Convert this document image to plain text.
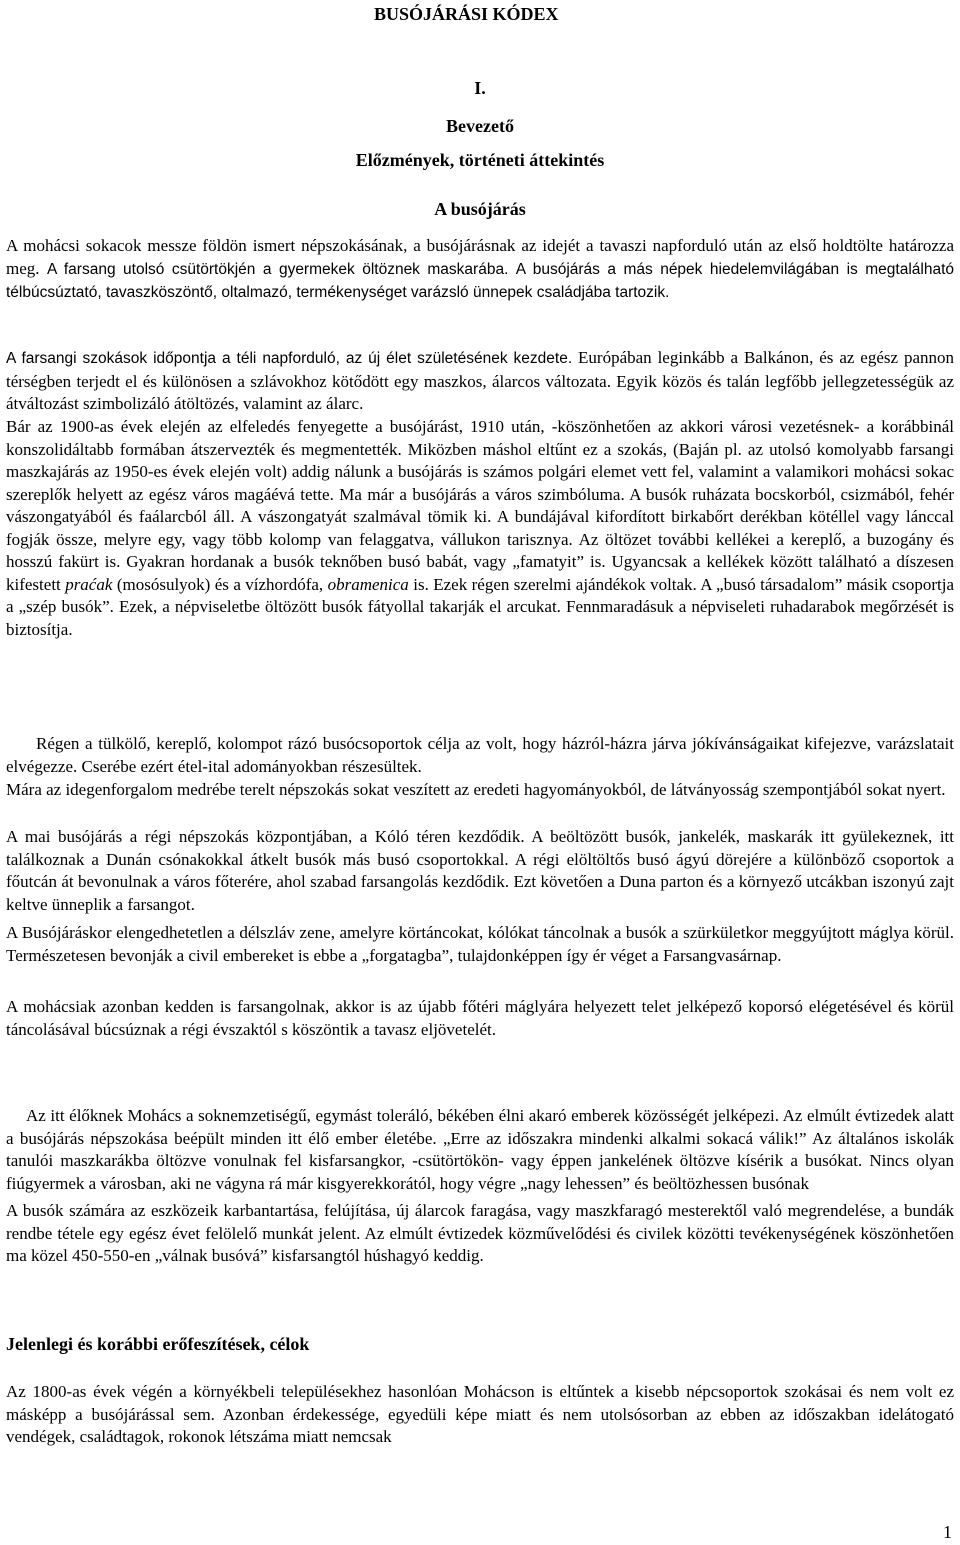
BUSÓJÁRÁSI KÓDEX
I.
Bevezető
Előzmények, történeti áttekintés
A busójárás
A mohácsi sokacok messze földön ismert népszokásának, a busójárásnak az idejét a tavaszi napforduló után az első holdtölte határozza meg. A farsang utolsó csütörtökjén a gyermekek öltöznek maskarába. A busójárás a más népek hiedelemvilágában is megtalálható télbúcsúztató, tavaszköszöntő, oltalmazó, termékenységet varázsló ünnepek családjába tartozik.
A farsangi szokások időpontja a téli napforduló, az új élet születésének kezdete. Európában leginkább a Balkánon, és az egész pannon térségben terjedt el és különösen a szlávokhoz kötődött egy maszkos, álarcos változata. Egyik közös és talán legfőbb jellegzetességük az átváltozást szimbolizáló átöltözés, valamint az álarc.
Bár az 1900-as évek elején az elfeledés fenyegette a busójárást, 1910 után, -köszönhetően az akkori városi vezetésnek- a korábbinál konszolidáltabb formában átszervezték és megmentették. Miközben máshol eltűnt ez a szokás, (Baján pl. az utolsó komolyabb farsangi maszkajárás az 1950-es évek elején volt) addig nálunk a busójárás is számos polgári elemet vett fel, valamint a valamikori mohácsi sokac szereplők helyett az egész város magáévá tette. Ma már a busójárás a város szimbóluma. A busók ruházata bocskorból, csizmából, fehér vászongatyából és faálarcból áll. A vászongatyát szalmával tömik ki. A bundájával kifordított birkabőrt derékban kötéllel vagy lánccal fogják össze, melyre egy, vagy több kolomp van felaggatva, vállukon tarisznya. Az öltözet további kellékei a kereplő, a buzogány és hosszú fakürt is. Gyakran hordanak a busók teknőben busó babát, vagy „famatyit” is. Ugyancsak a kellékek között található a díszesen kifestett praćak (mosósulyok) és a vízhordófa, obramenica is. Ezek régen szerelmi ajándékok voltak. A „busó társadalom” másik csoportja a „szép busók”. Ezek, a népviseletbe öltözött busók fátyollal takarják el arcukat. Fennmaradásuk a népviseleti ruhadarabok megőrzését is biztosítja.
Régen a tülkölő, kereplő, kolompot rázó busócsoportok célja az volt, hogy házról-házra járva jókívánságaikat kifejezve, varázslatait elvégezze. Cserébe ezért étel-ital adományokban részesültek.
Mára az idegenforgalom medrébe terelt népszokás sokat veszített az eredeti hagyományokból, de látványosság szempontjából sokat nyert.
A mai busójárás a régi népszokás központjában, a Kóló téren kezdődik. A beöltözött busók, jankelék, maskarák itt gyülekeznek, itt találkoznak a Dunán csónakokkal átkelt busók más busó csoportokkal. A régi elöltöltős busó ágyú dörejére a különböző csoportok a főutcán át bevonulnak a város főterére, ahol szabad farsangolás kezdődik. Ezt követően a Duna parton és a környező utcákban iszonyú zajt keltve ünneplik a farsangot.
A Busójáráskor elengedhetetlen a délszláv zene, amelyre körtáncokat, kólókat táncolnak a busók a szürkületkor meggyújtott máglya körül. Természetesen bevonják a civil embereket is ebbe a „forgatagba”, tulajdonképpen így ér véget a Farsangvasárnap.
A mohácsiak azonban kedden is farsangolnak, akkor is az újabb főtéri máglyára helyezett telet jelképező koporsó elégetésével és körül táncolásával búcsúznak a régi évszaktól s köszöntik a tavasz eljövetelét.
Az itt élőknek Mohács a soknemzetiségű, egymást toleráló, békében élni akaró emberek közösségét jelképezi. Az elmúlt évtizedek alatt a busójárás népszokása beépült minden itt élő ember életébe. „Erre az időszakra mindenki alkalmi sokacá válik!” Az általános iskolák tanulói maszkarákba öltözve vonulnak fel kisfarsangkor, -csütörtökön- vagy éppen jankelének öltözve kísérik a busókat. Nincs olyan fiúgyermek a városban, aki ne vágyna rá már kisgyerekkorától, hogy végre „nagy lehessen” és beöltözhessen busónak
A busók számára az eszközeik karbantartása, felújítása, új álarcok faragása, vagy maszkfaragó mesterektől való megrendelése, a bundák rendbe tétele egy egész évet felölelő munkát jelent. Az elmúlt évtizedek közművelődési és civilek közötti tevékenységének köszönhetően ma közel 450-550-en „válnak busóvá” kisfarsangtól húshagyó keddig.
Jelenlegi és korábbi erőfeszítések, célok
Az 1800-as évek végén a környékbeli településekhez hasonlóan Mohácson is eltűntek a kisebb népcsoportok szokásai és nem volt ez másképp a busójárással sem. Azonban érdekessége, egyedüli képe miatt és nem utolsósorban az ebben az időszakban idelátogató vendégek, családtagok, rokonok létszáma miatt nemcsak
1
